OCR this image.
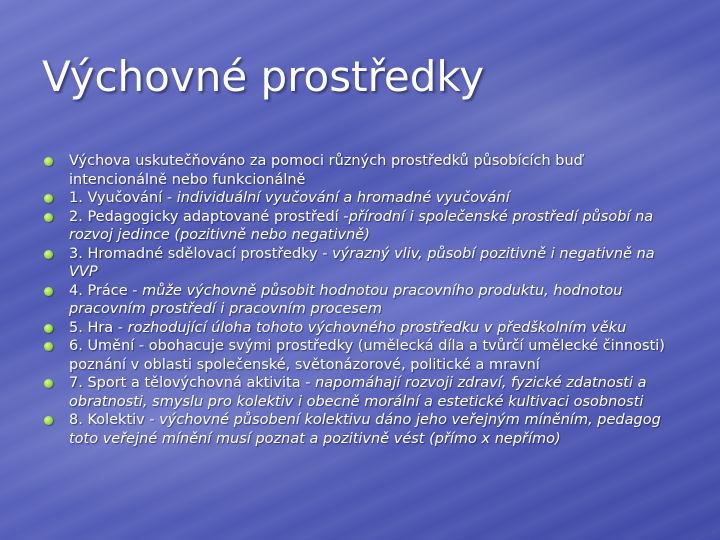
Výchovné prostředky
Výchova uskutečňováno za pomoci různých prostředků působících buď intencionálně nebo funkcionálně
1. Vyučování - individuální vyučování a hromadné vyučování
2. Pedagogicky adaptované prostředí -přírodní i společenské prostředí působí na rozvoj jedince (pozitivně nebo negativně)
3. Hromadné sdělovací prostředky - výrazný vliv, působí pozitivně i negativně na VVP
4. Práce - může výchovně působit hodnotou pracovního produktu, hodnotou pracovním prostředí i pracovním procesem
5. Hra - rozhodující úloha tohoto výchovného prostředku v předškolním věku
6. Umění - obohacuje svými prostředky (umělecká díla a tvůrčí umělecké činnosti) poznání v oblasti společenské, světonázorové, politické a mravní
7. Sport a tělovýchovná aktivita - napomáhají rozvoji zdraví, fyzické zdatnosti a obratnosti, smyslu pro kolektiv i obecně morální a estetické kultivaci osobnosti
8. Kolektiv - výchovné působení kolektivu dáno jeho veřejným míněním, pedagog toto veřejné mínění musí poznat a pozitivně vést (přímo x nepřímo)
